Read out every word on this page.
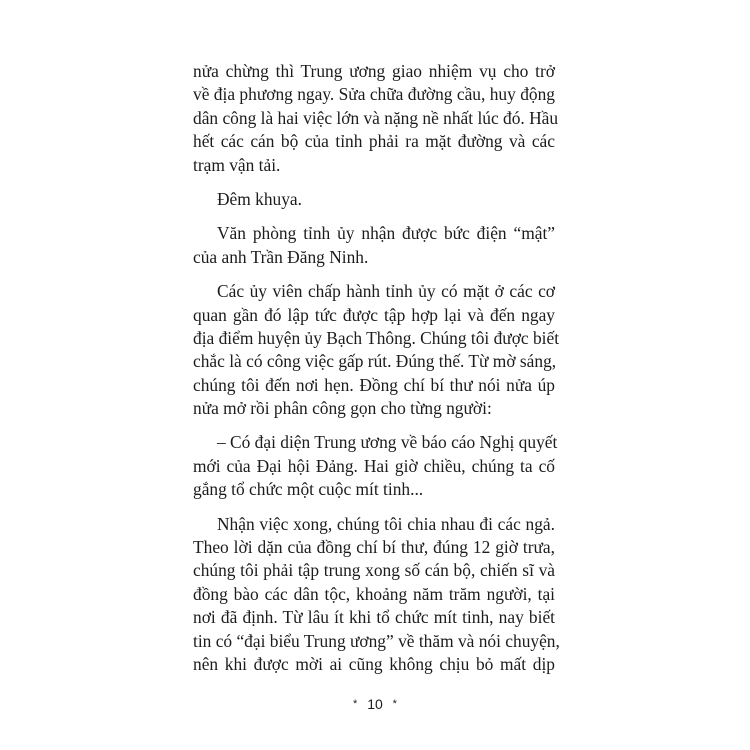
nửa chừng thì Trung ương giao nhiệm vụ cho trở
về địa phương ngay. Sửa chữa đường cầu, huy động
dân công là hai việc lớn và nặng nề nhất lúc đó. Hầu
hết các cán bộ của tỉnh phải ra mặt đường và các
trạm vận tải.
Đêm khuya.
Văn phòng tỉnh ủy nhận được bức điện “mật”
của anh Trần Đăng Ninh.
Các ủy viên chấp hành tỉnh ủy có mặt ở các cơ
quan gần đó lập tức được tập hợp lại và đến ngay
địa điểm huyện ủy Bạch Thông. Chúng tôi được biết
chắc là có công việc gấp rút. Đúng thế. Từ mờ sáng,
chúng tôi đến nơi hẹn. Đồng chí bí thư nói nửa úp
nửa mở rồi phân công gọn cho từng người:
– Có đại diện Trung ương về báo cáo Nghị quyết
mới của Đại hội Đảng. Hai giờ chiều, chúng ta cố
gắng tổ chức một cuộc mít tinh...
Nhận việc xong, chúng tôi chia nhau đi các ngả.
Theo lời dặn của đồng chí bí thư, đúng 12 giờ trưa,
chúng tôi phải tập trung xong số cán bộ, chiến sĩ và
đồng bào các dân tộc, khoảng năm trăm người, tại
nơi đã định. Từ lâu ít khi tổ chức mít tinh, nay biết
tin có “đại biểu Trung ương” về thăm và nói chuyện,
nên khi được mời ai cũng không chịu bỏ mất dịp
* 10 *
